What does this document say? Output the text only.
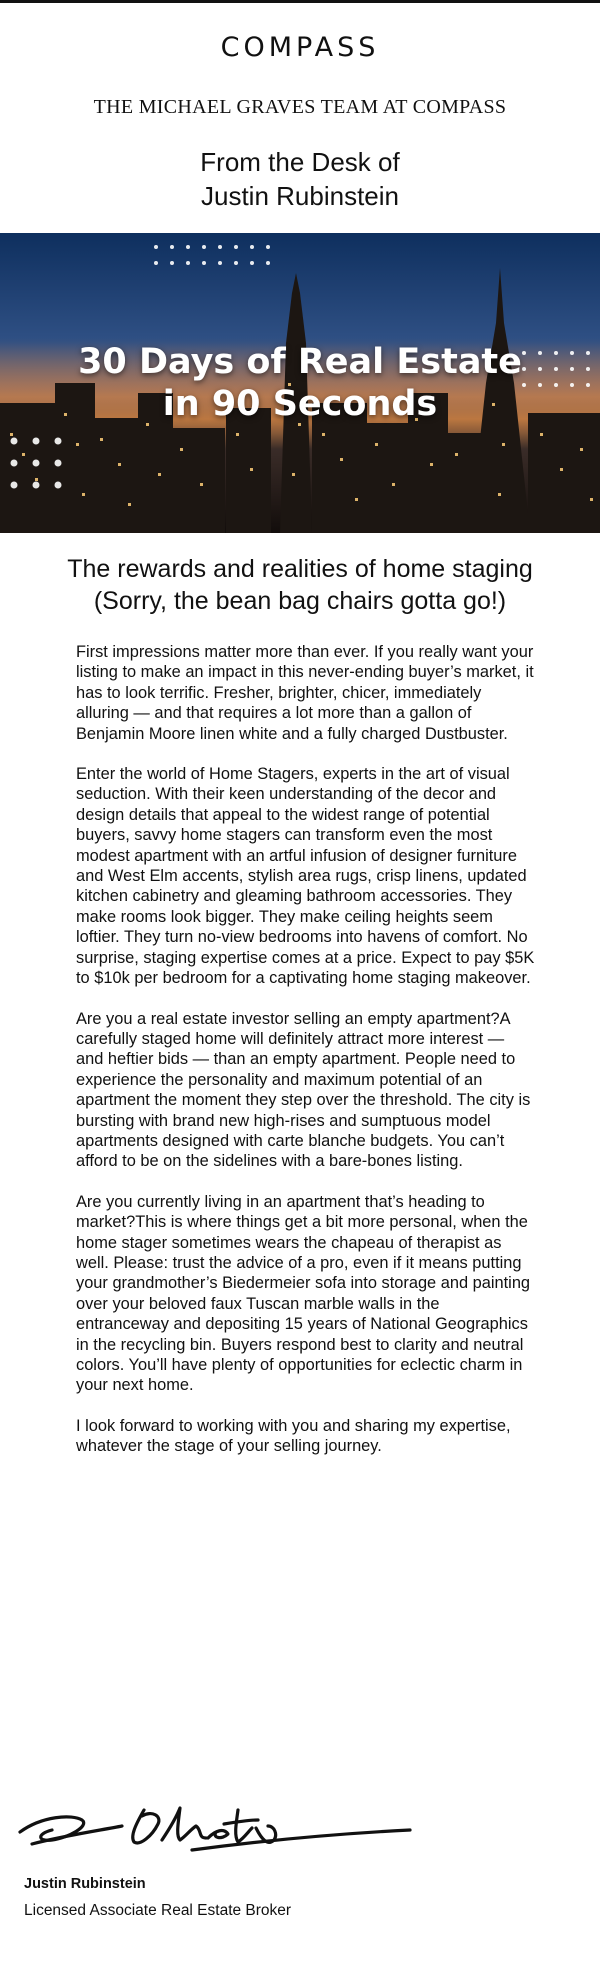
COMPASS
THE MICHAEL GRAVES TEAM AT COMPASS
From the Desk of
Justin Rubinstein
30 Days of Real Estate
in 90 Seconds
The rewards and realities of home staging
(Sorry, the bean bag chairs gotta go!)

First impressions matter more than ever. If you really want your listing to make an impact in this never-ending buyer’s market, it has to look terrific. Fresher, brighter, chicer, immediately alluring — and that requires a lot more than a gallon of Benjamin Moore linen white and a fully charged Dustbuster.

Enter the world of Home Stagers, experts in the art of visual seduction. With their keen understanding of the decor and design details that appeal to the widest range of potential buyers, savvy home stagers can transform even the most modest apartment with an artful infusion of designer furniture and West Elm accents, stylish area rugs, crisp linens, updated kitchen cabinetry and gleaming bathroom accessories. They make rooms look bigger. They make ceiling heights seem loftier. They turn no-view bedrooms into havens of comfort. No surprise, staging expertise comes at a price. Expect to pay $5K to $10k per bedroom for a captivating home staging makeover.

Are you a real estate investor selling an empty apartment?A carefully staged home will definitely attract more interest — and heftier bids — than an empty apartment. People need to experience the personality and maximum potential of an apartment the moment they step over the threshold. The city is bursting with brand new high-rises and sumptuous model apartments designed with carte blanche budgets. You can’t afford to be on the sidelines with a bare-bones listing.

Are you currently living in an apartment that’s heading to market?This is where things get a bit more personal, when the home stager sometimes wears the chapeau of therapist as well. Please: trust the advice of a pro, even if it means putting your grandmother’s Biedermeier sofa into storage and painting over your beloved faux Tuscan marble walls in the entranceway and depositing 15 years of National Geographics in the recycling bin. Buyers respond best to clarity and neutral colors. You’ll have plenty of opportunities for eclectic charm in your next home.

I look forward to working with you and sharing my expertise, whatever the stage of your selling journey.

Justin Rubinstein
Licensed Associate Real Estate Broker
